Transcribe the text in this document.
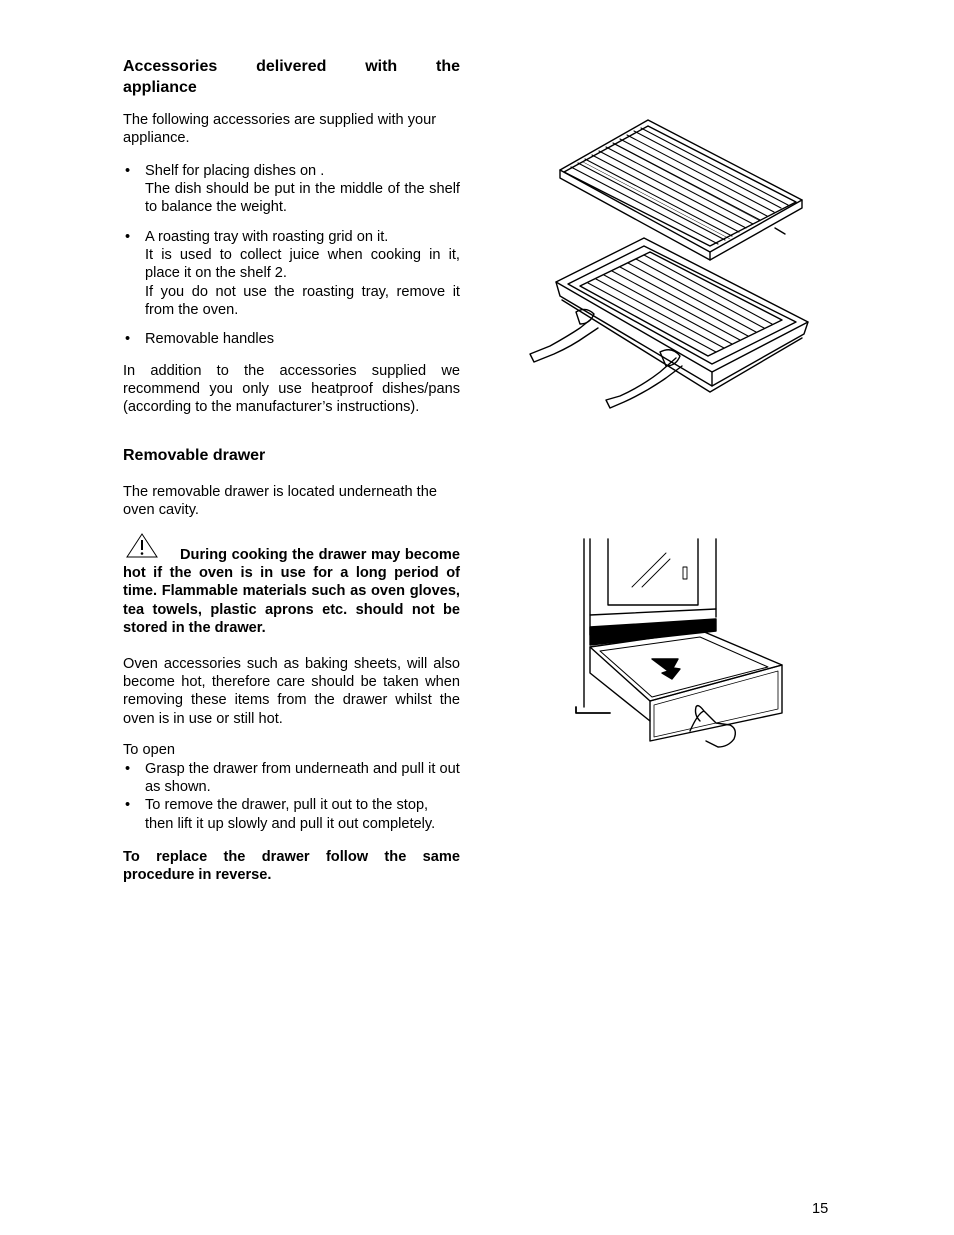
Accessories delivered with the
appliance

The following accessories are supplied with your appliance.

• Shelf for placing dishes on .
The dish should be put in the middle of the shelf to balance the weight.
• A roasting tray with roasting grid on it.
It is used to collect juice when cooking in it, place it on the shelf 2.
If you do not use the roasting tray, remove it from the oven.
• Removable handles

In addition to the accessories supplied we recommend you only use heatproof dishes/pans (according to the manufacturer’s instructions).

Removable drawer

The removable drawer is located underneath the oven cavity.

During cooking the drawer may become hot if the oven is in use for a long period of time. Flammable materials such as oven gloves, tea towels, plastic aprons etc. should not be stored in the drawer.

Oven accessories such as baking sheets, will also become hot, therefore care should be taken when removing these items from the drawer whilst the oven is in use or still hot.

To open

• Grasp the drawer from underneath and pull it out as shown.
• To remove the drawer, pull it out to the stop, then lift it up slowly and pull it out completely.

To replace the drawer follow the same procedure in reverse.

15
